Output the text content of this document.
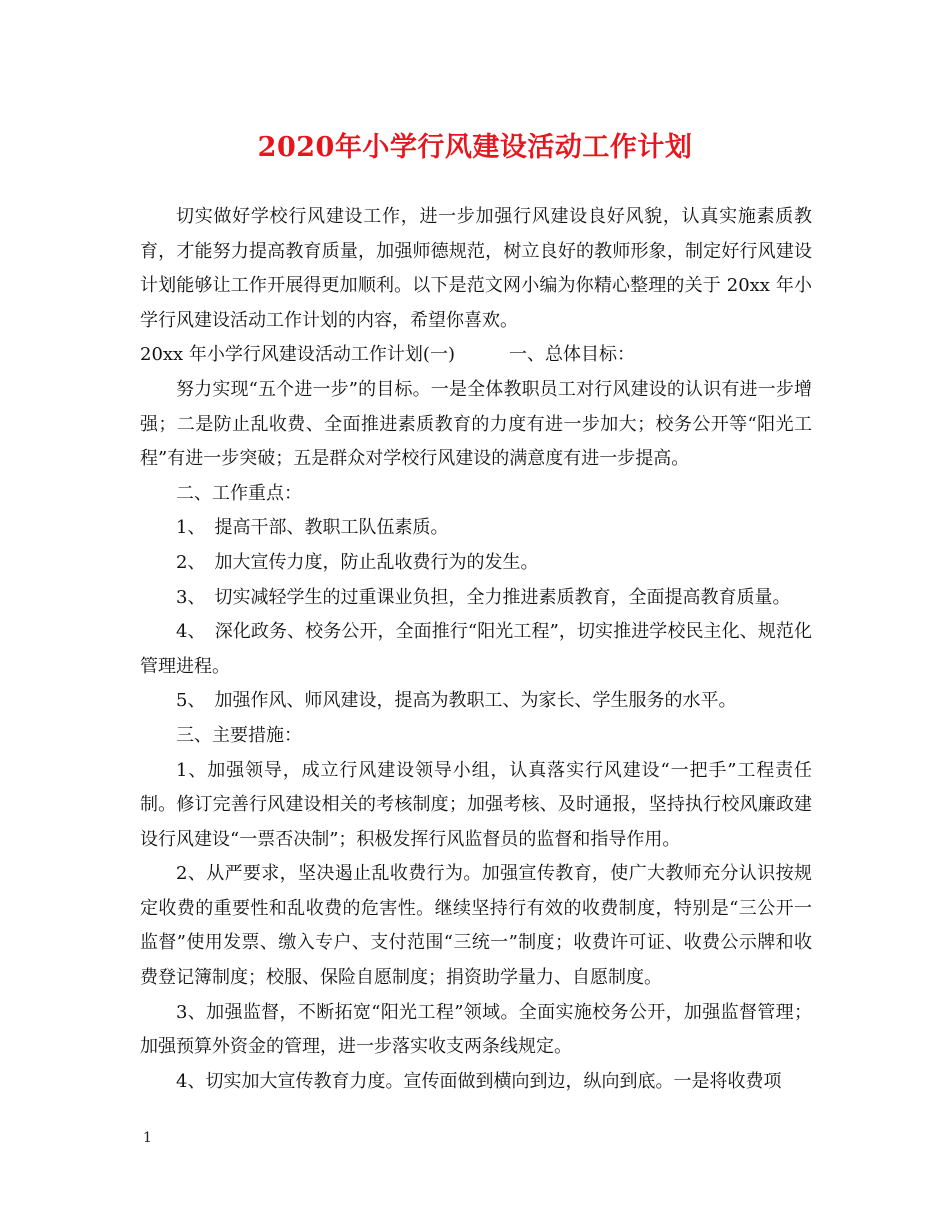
2020年小学行风建设活动工作计划

切实做好学校行风建设工作，进一步加强行风建设良好风貌，认真实施素质教育，才能努力提高教育质量，加强师德规范，树立良好的教师形象，制定好行风建设计划能够让工作开展得更加顺利。以下是范文网小编为你精心整理的关于 20xx 年小学行风建设活动工作计划的内容，希望你喜欢。

20xx 年小学行风建设活动工作计划(一)　　　一、总体目标：

努力实现“五个进一步”的目标。一是全体教职员工对行风建设的认识有进一步增强；二是防止乱收费、全面推进素质教育的力度有进一步加大；校务公开等“阳光工程”有进一步突破；五是群众对学校行风建设的满意度有进一步提高。

二、工作重点：

1、　提高干部、教职工队伍素质。

2、　加大宣传力度，防止乱收费行为的发生。

3、　切实减轻学生的过重课业负担，全力推进素质教育，全面提高教育质量。

4、　深化政务、校务公开，全面推行“阳光工程”，切实推进学校民主化、规范化管理进程。

5、　加强作风、师风建设，提高为教职工、为家长、学生服务的水平。

三、主要措施：

1、加强领导，成立行风建设领导小组，认真落实行风建设“一把手”工程责任制。修订完善行风建设相关的考核制度；加强考核、及时通报，坚持执行校风廉政建设行风建设“一票否决制”；积极发挥行风监督员的监督和指导作用。

2、从严要求，坚决遏止乱收费行为。加强宣传教育，使广大教师充分认识按规定收费的重要性和乱收费的危害性。继续坚持行有效的收费制度，特别是“三公开一监督”使用发票、缴入专户、支付范围“三统一”制度；收费许可证、收费公示牌和收费登记簿制度；校服、保险自愿制度；捐资助学量力、自愿制度。

3、加强监督，不断拓宽“阳光工程”领域。全面实施校务公开，加强监督管理；加强预算外资金的管理，进一步落实收支两条线规定。

4、切实加大宣传教育力度。宣传面做到横向到边，纵向到底。一是将收费项

1
